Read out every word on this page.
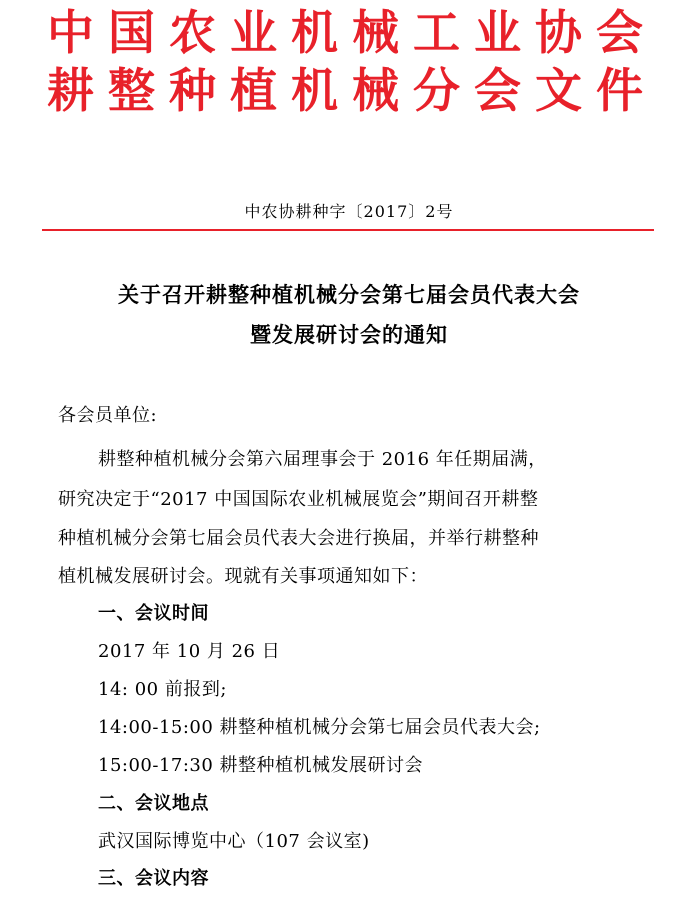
中国农业机械工业协会
耕整种植机械分会文件
中农协耕种字〔2017〕2号
关于召开耕整种植机械分会第七届会员代表大会
暨发展研讨会的通知
各会员单位:
耕整种植机械分会第六届理事会于 2016 年任期届满，
研究决定于“2017 中国国际农业机械展览会”期间召开耕整
种植机械分会第七届会员代表大会进行换届，并举行耕整种
植机械发展研讨会。现就有关事项通知如下：
一、会议时间
2017 年 10 月 26 日
14: 00 前报到;
14:00-15:00 耕整种植机械分会第七届会员代表大会;
15:00-17:30 耕整种植机械发展研讨会
二、会议地点
武汉国际博览中心（107 会议室)
三、会议内容
